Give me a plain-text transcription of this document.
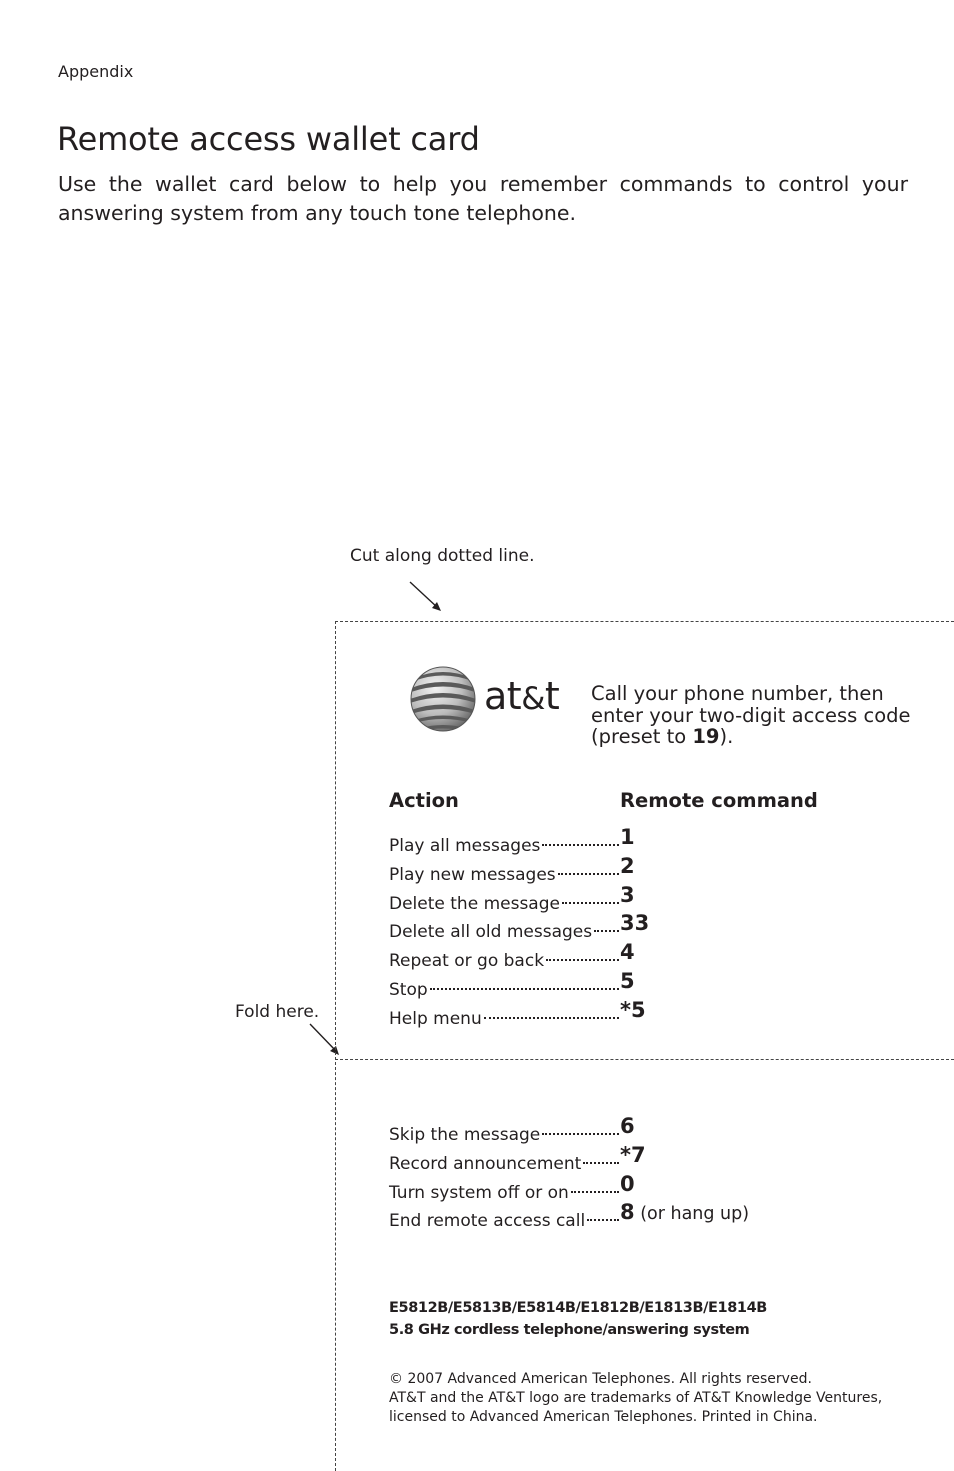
Appendix
Remote access wallet card

Use the wallet card below to help you remember commands to control your answering system from any touch tone telephone.

Cut along dotted line.
Fold here.
at&t Call your phone number, then enter your two-digit access code (preset to 19).
Action	Remote command
Play all messages	1
Play new messages	2
Delete the message	3
Delete all old messages 33
Repeat or go back	4
Stop	5
Help menu	*5
Skip the message	6
Record announcement *7
Turn system off or on 0
End remote access call 8 (or hang up)
E5812B/E5813B/E5814B/E1812B/E1813B/E1814B
5.8 GHz cordless telephone/answering system
© 2007 Advanced American Telephones. All rights reserved.
AT&T and the AT&T logo are trademarks of AT&T Knowledge Ventures,
licensed to Advanced American Telephones. Printed in China.
